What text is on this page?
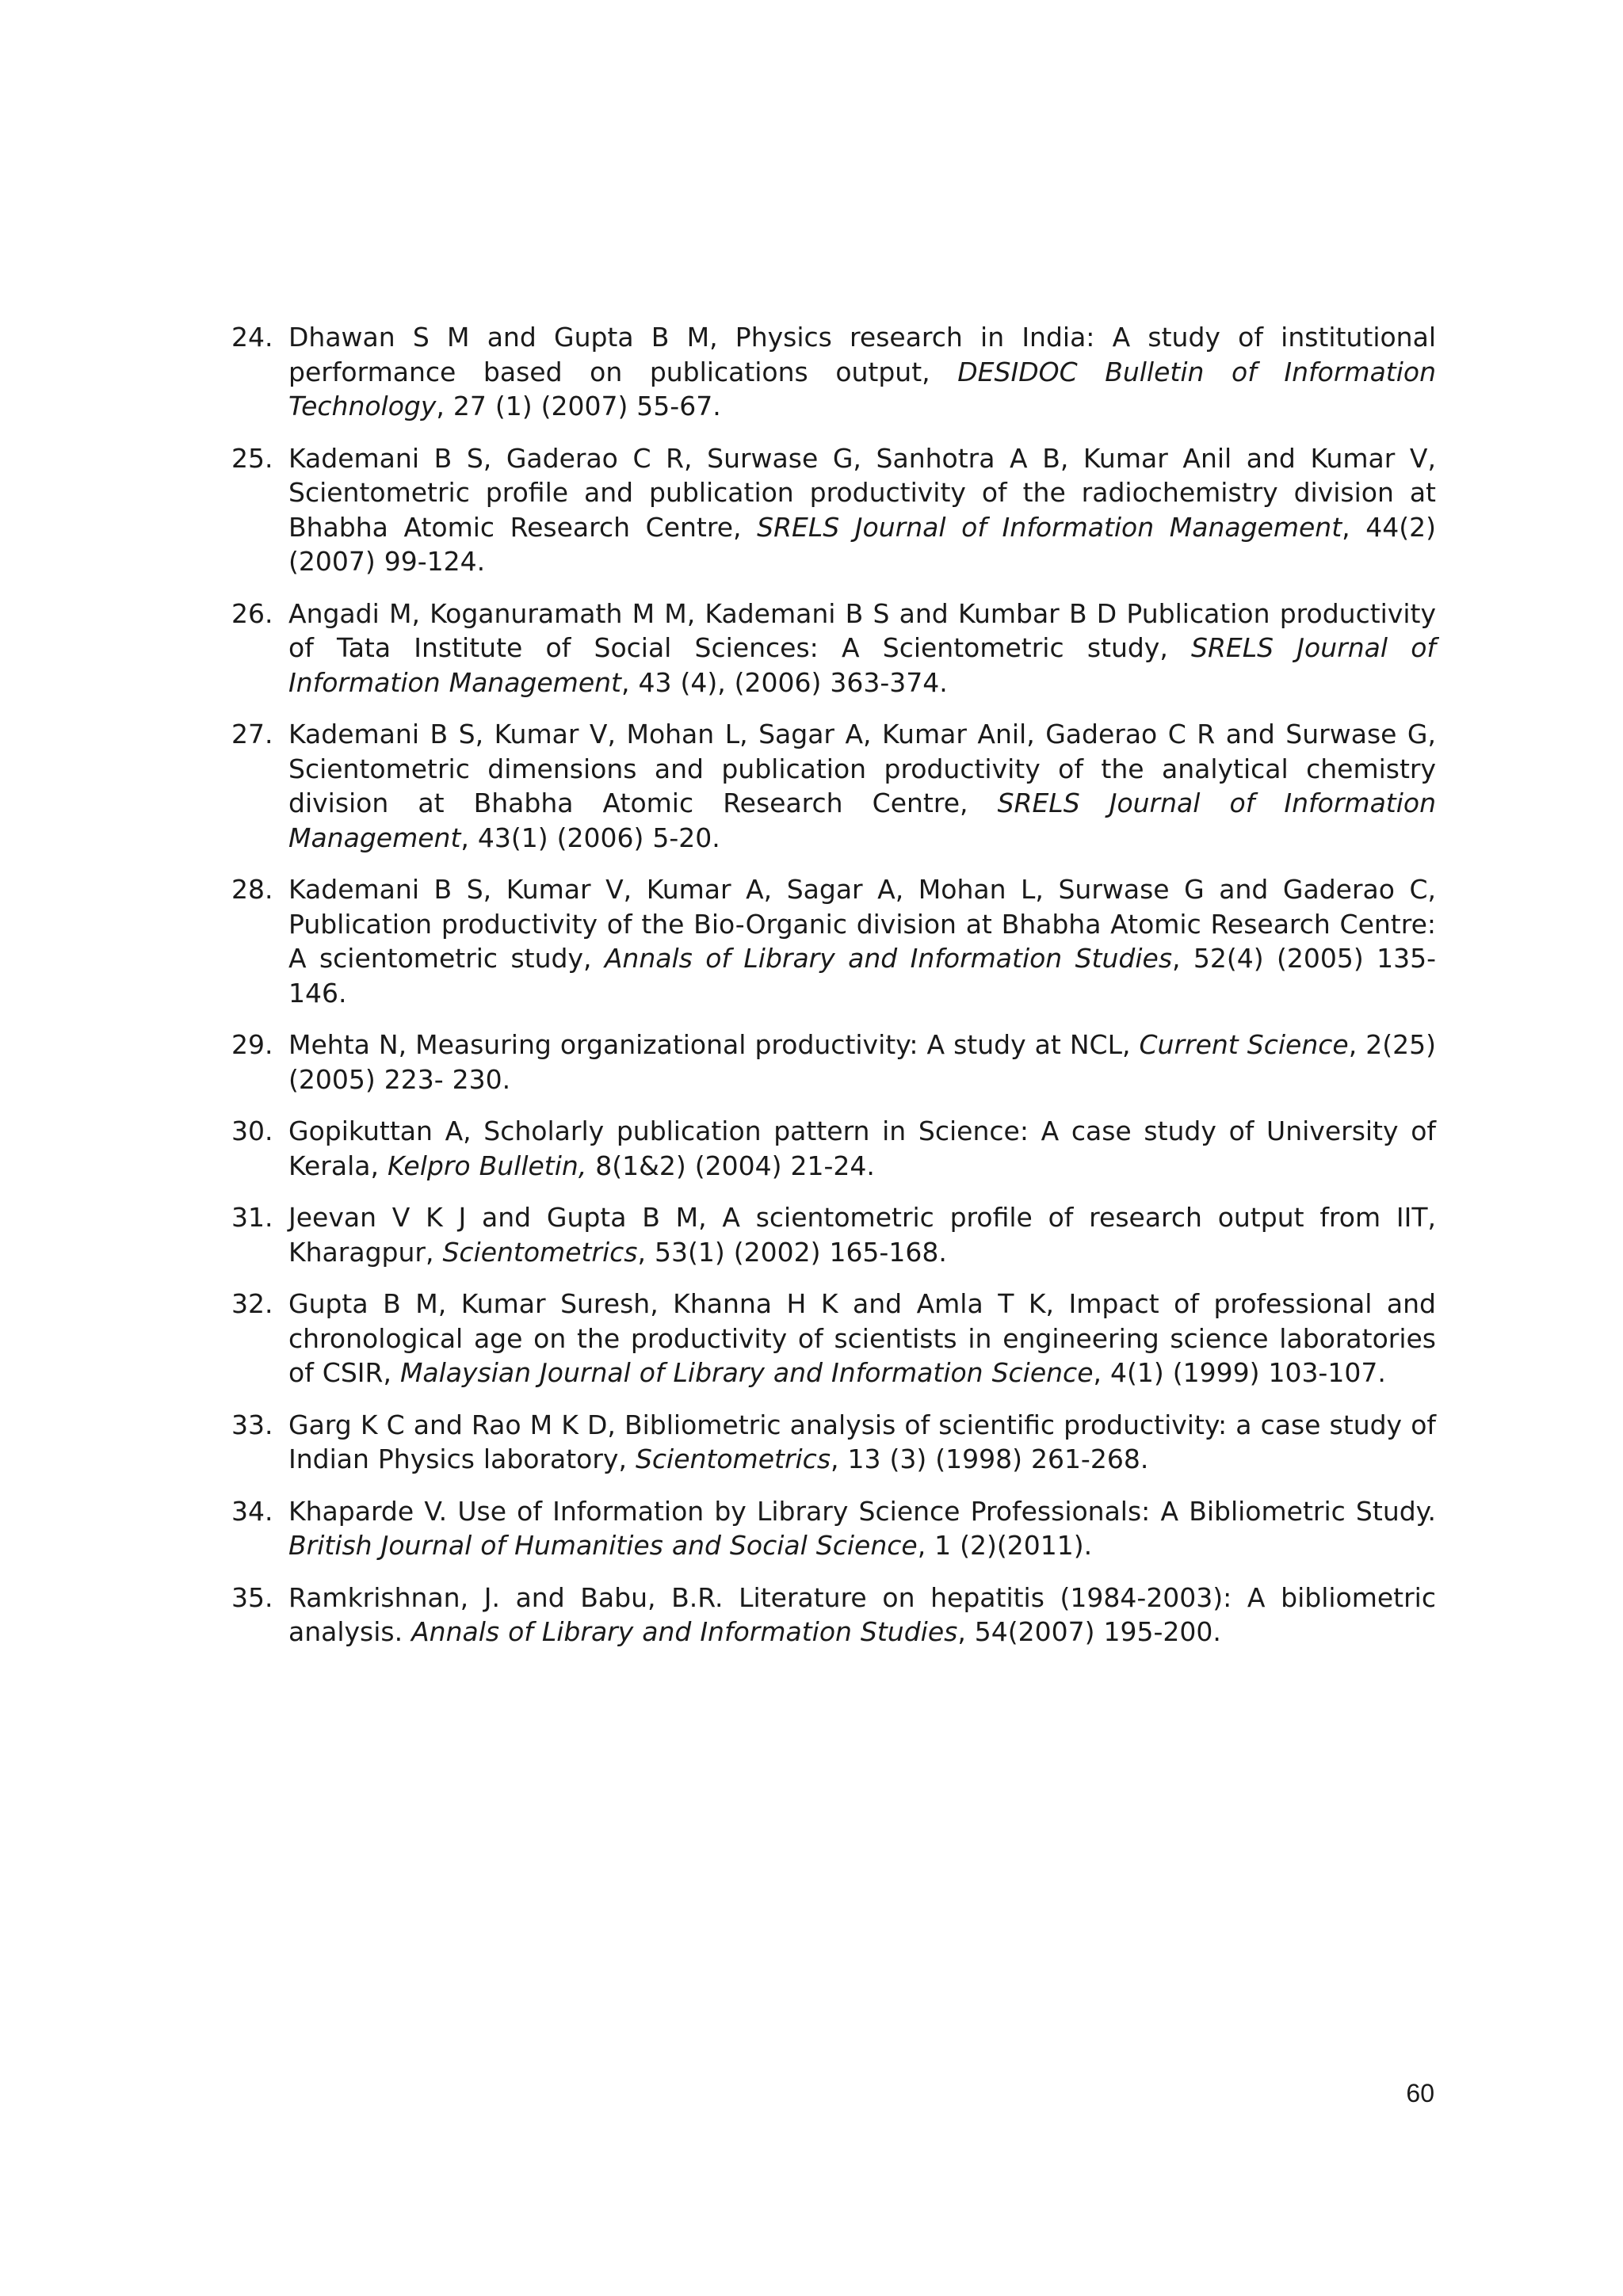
24. Dhawan S M and Gupta B M, Physics research in India: A study of institutional performance based on publications output, DESIDOC Bulletin of Information Technology, 27 (1) (2007) 55-67.
25. Kademani B S, Gaderao C R, Surwase G, Sanhotra A B, Kumar Anil and Kumar V, Scientometric profile and publication productivity of the radiochemistry division at Bhabha Atomic Research Centre, SRELS Journal of Information Management, 44(2) (2007) 99-124.
26. Angadi M, Koganuramath M M, Kademani B S and Kumbar B D Publication productivity of Tata Institute of Social Sciences: A Scientometric study, SRELS Journal of Information Management, 43 (4), (2006) 363-374.
27. Kademani B S, Kumar V, Mohan L, Sagar A, Kumar Anil, Gaderao C R and Surwase G, Scientometric dimensions and publication productivity of the analytical chemistry division at Bhabha Atomic Research Centre, SRELS Journal of Information Management, 43(1) (2006) 5-20.
28. Kademani B S, Kumar V, Kumar A, Sagar A, Mohan L, Surwase G and Gaderao C, Publication productivity of the Bio-Organic division at Bhabha Atomic Research Centre: A scientometric study, Annals of Library and Information Studies, 52(4) (2005) 135-146.
29. Mehta N, Measuring organizational productivity: A study at NCL, Current Science, 2(25) (2005) 223- 230.
30. Gopikuttan A, Scholarly publication pattern in Science: A case study of University of Kerala, Kelpro Bulletin, 8(1&2) (2004) 21-24.
31. Jeevan V K J and Gupta B M, A scientometric profile of research output from IIT, Kharagpur, Scientometrics, 53(1) (2002) 165-168.
32. Gupta B M, Kumar Suresh, Khanna H K and Amla T K, Impact of professional and chronological age on the productivity of scientists in engineering science laboratories of CSIR, Malaysian Journal of Library and Information Science, 4(1) (1999) 103-107.
33. Garg K C and Rao M K D, Bibliometric analysis of scientific productivity: a case study of Indian Physics laboratory, Scientometrics, 13 (3) (1998) 261-268.
34. Khaparde V. Use of Information by Library Science Professionals: A Bibliometric Study. British Journal of Humanities and Social Science, 1 (2)(2011).
35. Ramkrishnan, J. and Babu, B.R. Literature on hepatitis (1984-2003): A bibliometric analysis. Annals of Library and Information Studies, 54(2007) 195-200.
60
